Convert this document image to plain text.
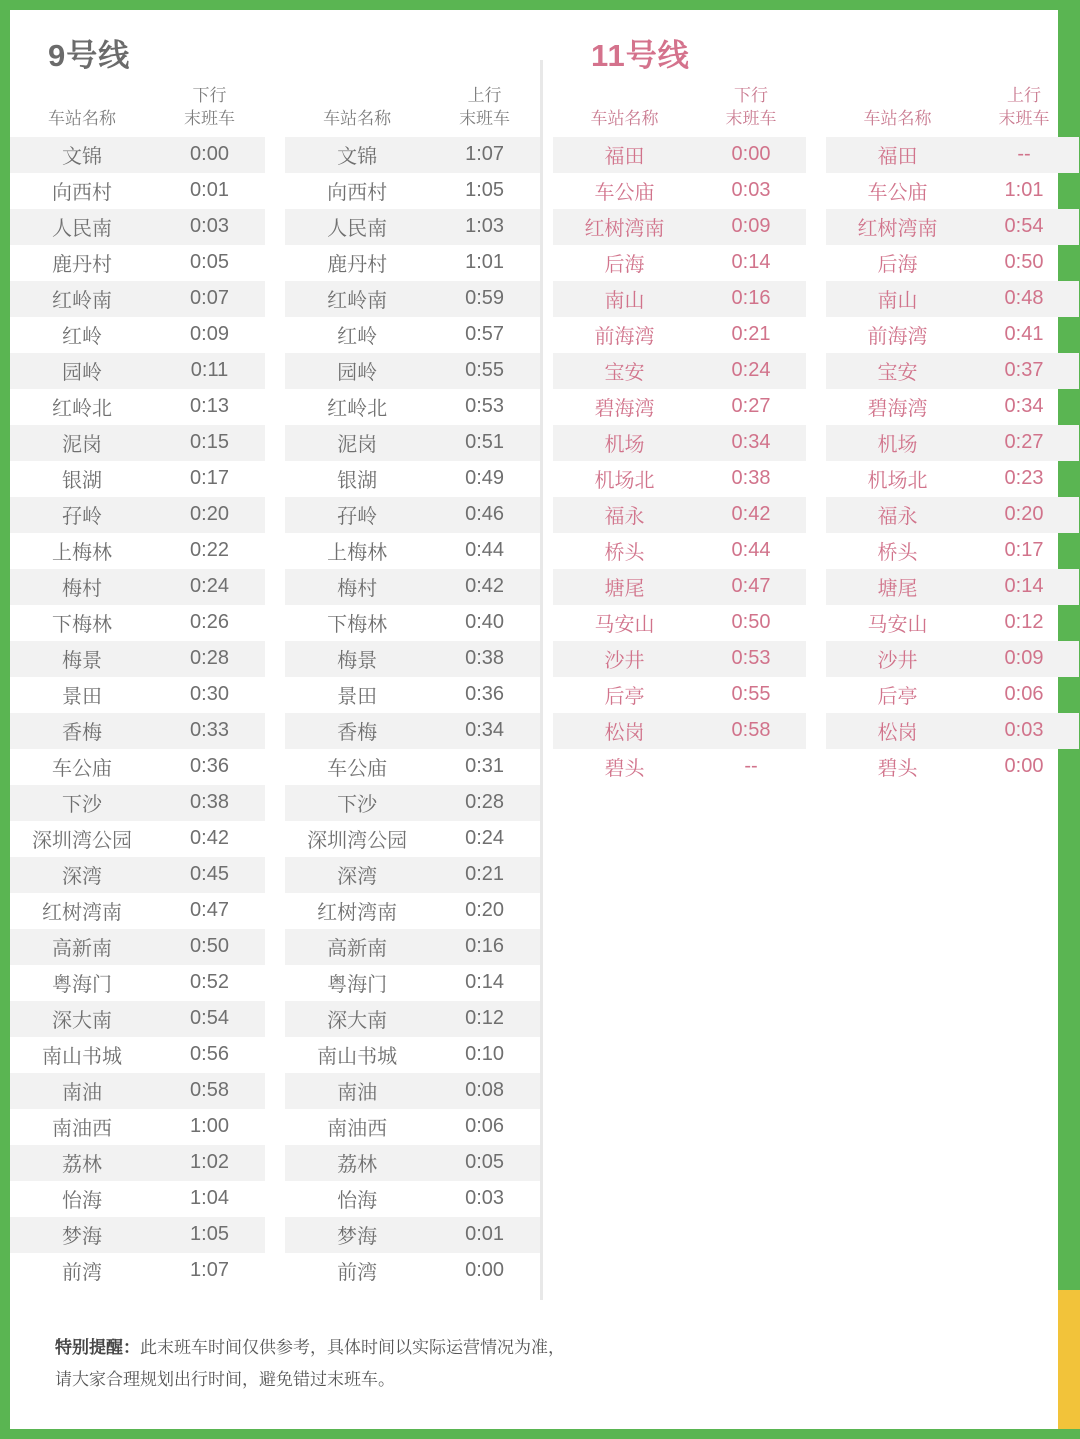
9号线
车站名称	下行
末班车		车站名称	上行
末班车

文锦	0:00		文锦	1:07
向西村	0:01		向西村	1:05
人民南	0:03		人民南	1:03
鹿丹村	0:05		鹿丹村	1:01
红岭南	0:07		红岭南	0:59
红岭	0:09		红岭	0:57
园岭	0:11		园岭	0:55
红岭北	0:13		红岭北	0:53
泥岗	0:15		泥岗	0:51
银湖	0:17		银湖	0:49
孖岭	0:20		孖岭	0:46
上梅林	0:22		上梅林	0:44
梅村	0:24		梅村	0:42
下梅林	0:26		下梅林	0:40
梅景	0:28		梅景	0:38
景田	0:30		景田	0:36
香梅	0:33		香梅	0:34
车公庙	0:36		车公庙	0:31
下沙	0:38		下沙	0:28
深圳湾公园	0:42		深圳湾公园	0:24
深湾	0:45		深湾	0:21
红树湾南	0:47		红树湾南	0:20
高新南	0:50		高新南	0:16
粤海门	0:52		粤海门	0:14
深大南	0:54		深大南	0:12
南山书城	0:56		南山书城	0:10
南油	0:58		南油	0:08
南油西	1:00		南油西	0:06
荔林	1:02		荔林	0:05
怡海	1:04		怡海	0:03
梦海	1:05		梦海	0:01
前湾	1:07		前湾	0:00
11号线
车站名称	下行
末班车		车站名称	上行
末班车

福田	0:00		福田	--
车公庙	0:03		车公庙	1:01
红树湾南	0:09		红树湾南	0:54
后海	0:14		后海	0:50
南山	0:16		南山	0:48
前海湾	0:21		前海湾	0:41
宝安	0:24		宝安	0:37
碧海湾	0:27		碧海湾	0:34
机场	0:34		机场	0:27
机场北	0:38		机场北	0:23
福永	0:42		福永	0:20
桥头	0:44		桥头	0:17
塘尾	0:47		塘尾	0:14
马安山	0:50		马安山	0:12
沙井	0:53		沙井	0:09
后亭	0:55		后亭	0:06
松岗	0:58		松岗	0:03
碧头	--		碧头	0:00
特别提醒：此末班车时间仅供参考，具体时间以实际运营情况为准，
请大家合理规划出行时间，避免错过末班车。
